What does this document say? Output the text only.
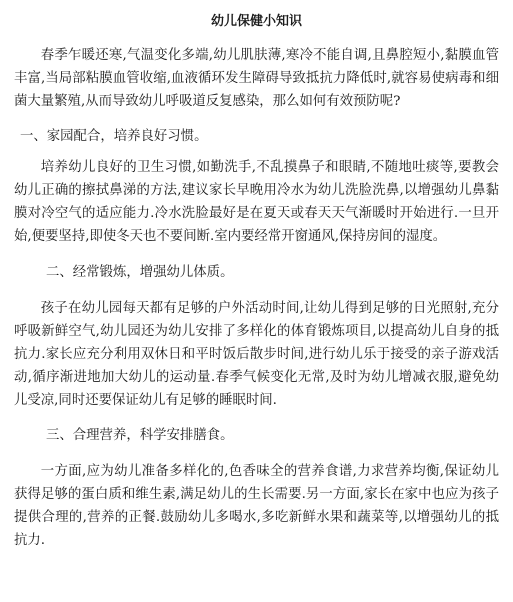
幼儿保健小知识

春季乍暖还寒,气温变化多端,幼儿肌肤薄,寒冷不能自调,且鼻腔短小,黏膜血管丰富,当局部粘膜血管收缩,血液循环发生障碍导致抵抗力降低时,就容易使病毒和细菌大量繁殖,从而导致幼儿呼吸道反复感染，那么如何有效预防呢?

一、家园配合，培养良好习惯。

培养幼儿良好的卫生习惯,如勤洗手,不乱摸鼻子和眼睛,不随地吐痰等,要教会幼儿正确的擦拭鼻涕的方法,建议家长早晚用冷水为幼儿洗脸洗鼻,以增强幼儿鼻黏膜对冷空气的适应能力.冷水洗脸最好是在夏天或春天天气渐暖时开始进行.一旦开始,便要坚持,即使冬天也不要间断.室内要经常开窗通风,保持房间的湿度。

二、经常锻炼，增强幼儿体质。

孩子在幼儿园每天都有足够的户外活动时间,让幼儿得到足够的日光照射,充分呼吸新鲜空气,幼儿园还为幼儿安排了多样化的体育锻炼项目,以提高幼儿自身的抵抗力.家长应充分利用双休日和平时饭后散步时间,进行幼儿乐于接受的亲子游戏活动,循序渐进地加大幼儿的运动量.春季气候变化无常,及时为幼儿增减衣服,避免幼儿受凉,同时还要保证幼儿有足够的睡眠时间.

三、合理营养，科学安排膳食。

一方面,应为幼儿准备多样化的,色香味全的营养食谱,力求营养均衡,保证幼儿获得足够的蛋白质和维生素,满足幼儿的生长需要.另一方面,家长在家中也应为孩子提供合理的,营养的正餐.鼓励幼儿多喝水,多吃新鲜水果和蔬菜等,以增强幼儿的抵抗力.
